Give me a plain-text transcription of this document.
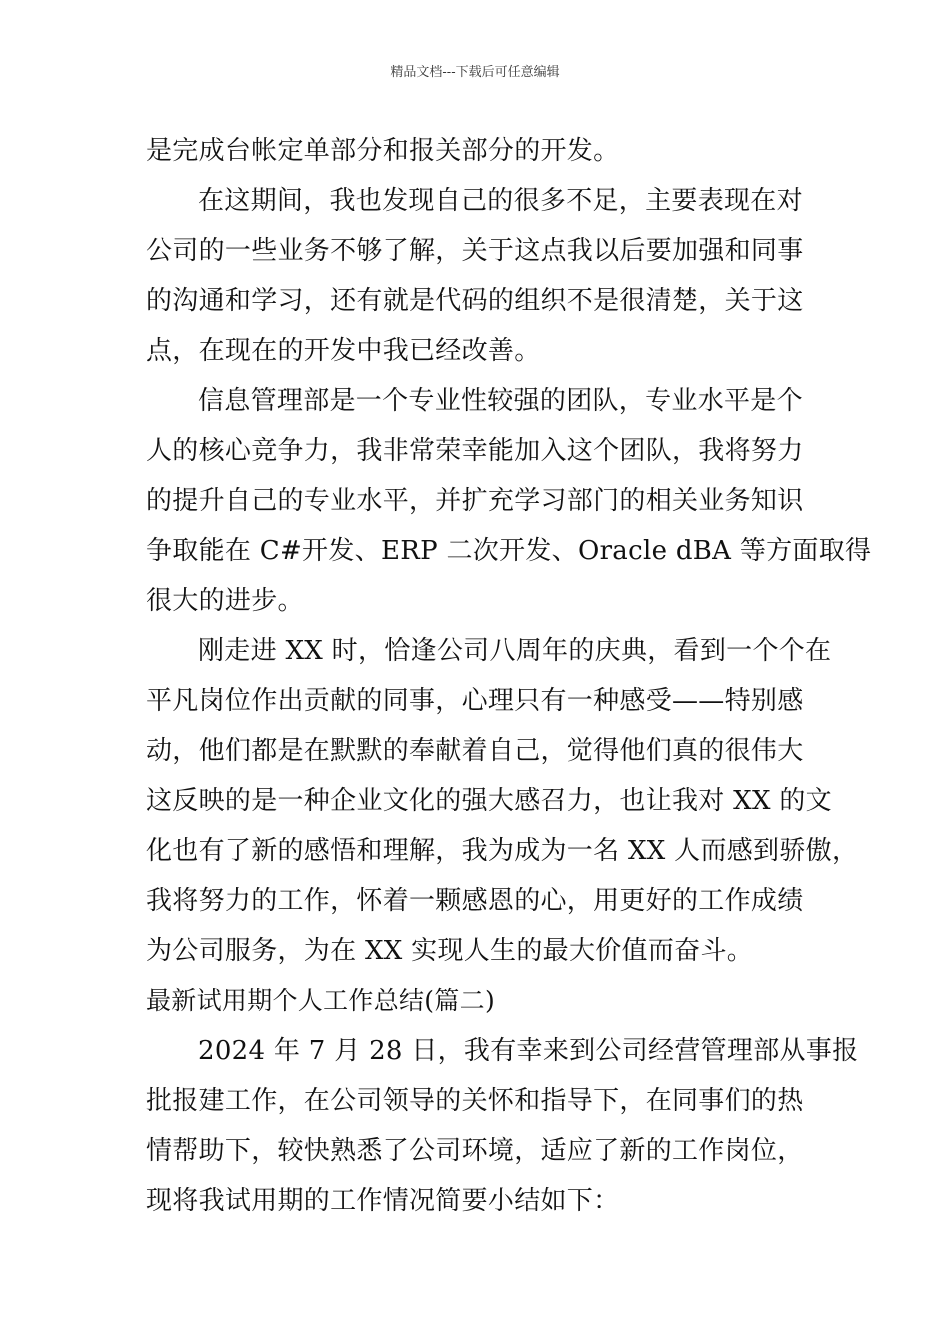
精品文档---下载后可任意编辑
是完成台帐定单部分和报关部分的开发。
在这期间，我也发现自己的很多不足，主要表现在对
公司的一些业务不够了解，关于这点我以后要加强和同事
的沟通和学习，还有就是代码的组织不是很清楚，关于这
点，在现在的开发中我已经改善。
信息管理部是一个专业性较强的团队，专业水平是个
人的核心竞争力，我非常荣幸能加入这个团队，我将努力
的提升自己的专业水平，并扩充学习部门的相关业务知识
争取能在 C#开发、ERP 二次开发、Oracle dBA 等方面取得
很大的进步。
刚走进 XX 时，恰逢公司八周年的庆典，看到一个个在
平凡岗位作出贡献的同事，心理只有一种感受——特别感
动，他们都是在默默的奉献着自己，觉得他们真的很伟大
这反映的是一种企业文化的强大感召力，也让我对 XX 的文
化也有了新的感悟和理解，我为成为一名 XX 人而感到骄傲，
我将努力的工作，怀着一颗感恩的心，用更好的工作成绩
为公司服务，为在 XX 实现人生的最大价值而奋斗。
最新试用期个人工作总结(篇二)
2024 年 7 月 28 日，我有幸来到公司经营管理部从事报
批报建工作，在公司领导的关怀和指导下，在同事们的热
情帮助下，较快熟悉了公司环境，适应了新的工作岗位，
现将我试用期的工作情况简要小结如下：
